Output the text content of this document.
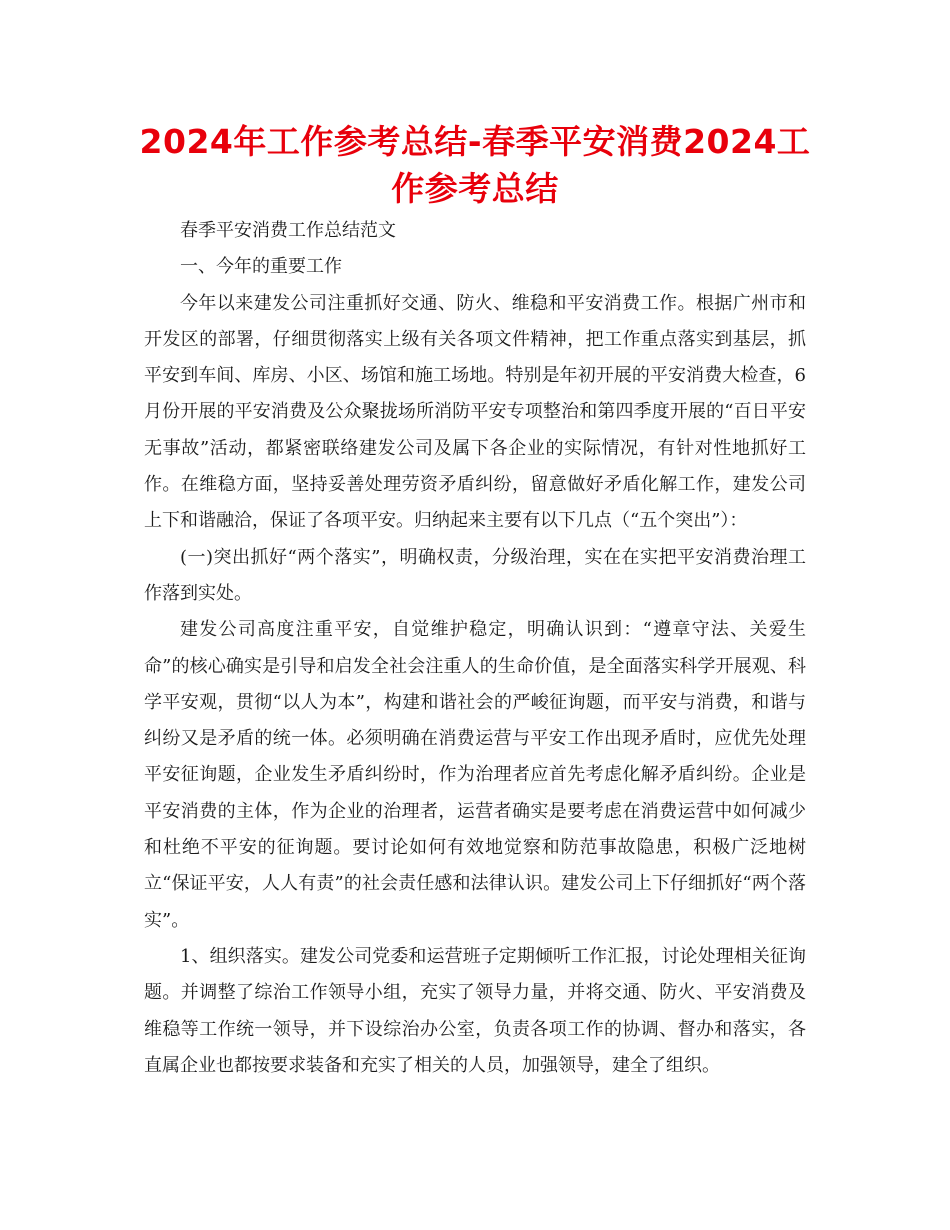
2024年工作参考总结-春季平安消费2024工作参考总结

春季平安消费工作总结范文

一、今年的重要工作

今年以来建发公司注重抓好交通、防火、维稳和平安消费工作。根据广州市和开发区的部署，仔细贯彻落实上级有关各项文件精神，把工作重点落实到基层，抓平安到车间、库房、小区、场馆和施工场地。特别是年初开展的平安消费大检查，6月份开展的平安消费及公众聚拢场所消防平安专项整治和第四季度开展的“百日平安无事故”活动，都紧密联络建发公司及属下各企业的实际情况，有针对性地抓好工作。在维稳方面，坚持妥善处理劳资矛盾纠纷，留意做好矛盾化解工作，建发公司上下和谐融洽，保证了各项平安。归纳起来主要有以下几点（“五个突出”）：

(一)突出抓好“两个落实”，明确权责，分级治理，实在在实把平安消费治理工作落到实处。

建发公司高度注重平安，自觉维护稳定，明确认识到：“遵章守法、关爱生命”的核心确实是引导和启发全社会注重人的生命价值，是全面落实科学开展观、科学平安观，贯彻“以人为本”，构建和谐社会的严峻征询题，而平安与消费，和谐与纠纷又是矛盾的统一体。必须明确在消费运营与平安工作出现矛盾时，应优先处理平安征询题，企业发生矛盾纠纷时，作为治理者应首先考虑化解矛盾纠纷。企业是平安消费的主体，作为企业的治理者，运营者确实是要考虑在消费运营中如何减少和杜绝不平安的征询题。要讨论如何有效地觉察和防范事故隐患，积极广泛地树立“保证平安，人人有责”的社会责任感和法律认识。建发公司上下仔细抓好“两个落实”。

1、组织落实。建发公司党委和运营班子定期倾听工作汇报，讨论处理相关征询题。并调整了综治工作领导小组，充实了领导力量，并将交通、防火、平安消费及维稳等工作统一领导，并下设综治办公室，负责各项工作的协调、督办和落实，各直属企业也都按要求装备和充实了相关的人员，加强领导，建全了组织。
